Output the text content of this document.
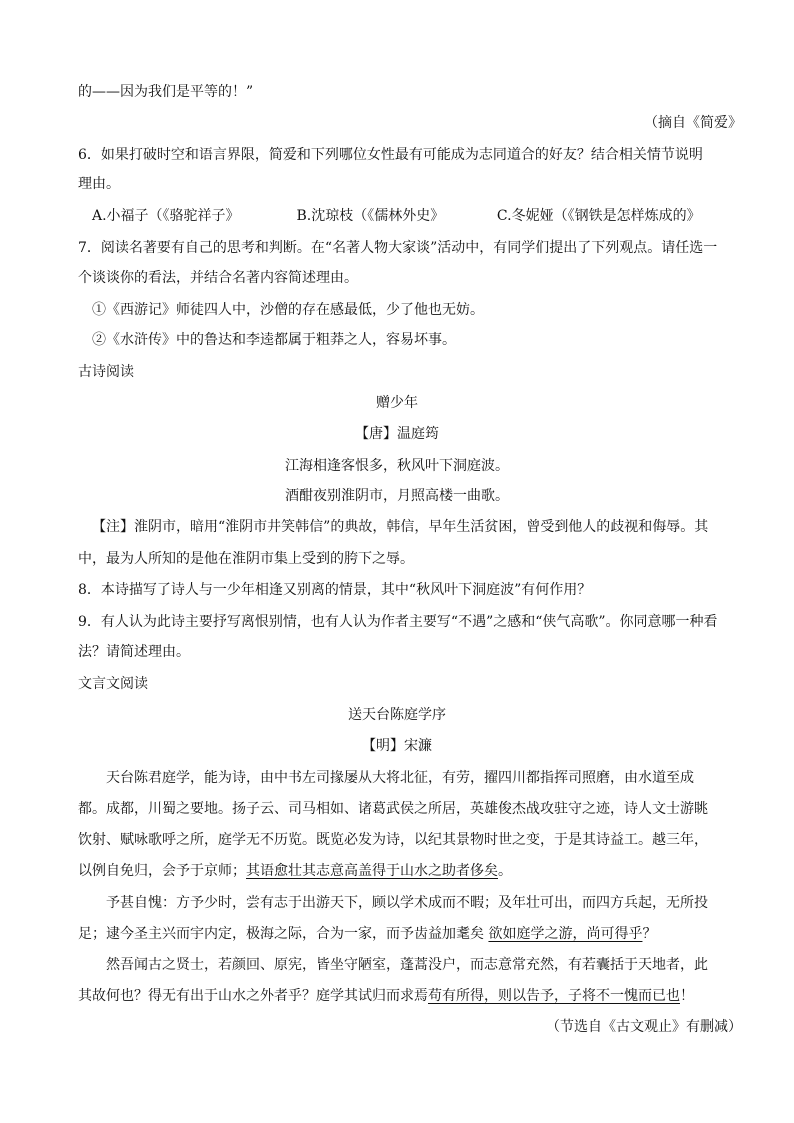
的——因为我们是平等的！”
（摘自《简爱》
6．如果打破时空和语言界限，简爱和下列哪位女性最有可能成为志同道合的好友？结合相关情节说明
理由。
A.小福子（《骆驼祥子》	B.沈琼枝（《儒林外史》	C.冬妮娅（《钢铁是怎样炼成的》
7．阅读名著要有自己的思考和判断。在“名著人物大家谈”活动中，有同学们提出了下列观点。请任选一
个谈谈你的看法，并结合名著内容简述理由。
①《西游记》师徒四人中，沙僧的存在感最低，少了他也无妨。
②《水浒传》中的鲁达和李逵都属于粗莽之人，容易坏事。
古诗阅读
赠少年
【唐】温庭筠
江海相逢客恨多，秋风叶下洞庭波。
酒酣夜别淮阴市，月照高楼一曲歌。
【注】淮阴市，暗用“淮阴市井笑韩信”的典故，韩信，早年生活贫困，曾受到他人的歧视和侮辱。其
中，最为人所知的是他在淮阴市集上受到的胯下之辱。
8．本诗描写了诗人与一少年相逢又别离的情景，其中“秋风叶下洞庭波”有何作用？
9．有人认为此诗主要抒写离恨别情，也有人认为作者主要写“不遇”之感和“侠气高歌”。你同意哪一种看
法？请简述理由。
文言文阅读
送天台陈庭学序
【明】宋濂
天台陈君庭学，能为诗，由中书左司掾屡从大将北征，有劳，擢四川都指挥司照磨，由水道至成
都。成都，川蜀之要地。扬子云、司马相如、诸葛武侯之所居，英雄俊杰战攻驻守之迹，诗人文士游眺
饮射、赋咏歌呼之所，庭学无不历览。既览必发为诗，以纪其景物时世之变，于是其诗益工。越三年，
以例自免归，会予于京师；其语愈壮其志意高盖得于山水之助者侈矣。
予甚自愧：方予少时，尝有志于出游天下，顾以学术成而不暇；及年壮可出，而四方兵起，无所投
足；逮今圣主兴而宇内定，极海之际，合为一家，而予齿益加耄矣 欲如庭学之游，尚可得乎？
然吾闻古之贤士，若颜回、原宪，皆坐守陋室，蓬蒿没户，而志意常充然，有若囊括于天地者，此
其故何也？得无有出于山水之外者乎？庭学其试归而求焉苟有所得，则以告予，子将不一愧而已也！
（节选自《古文观止》有删减）
